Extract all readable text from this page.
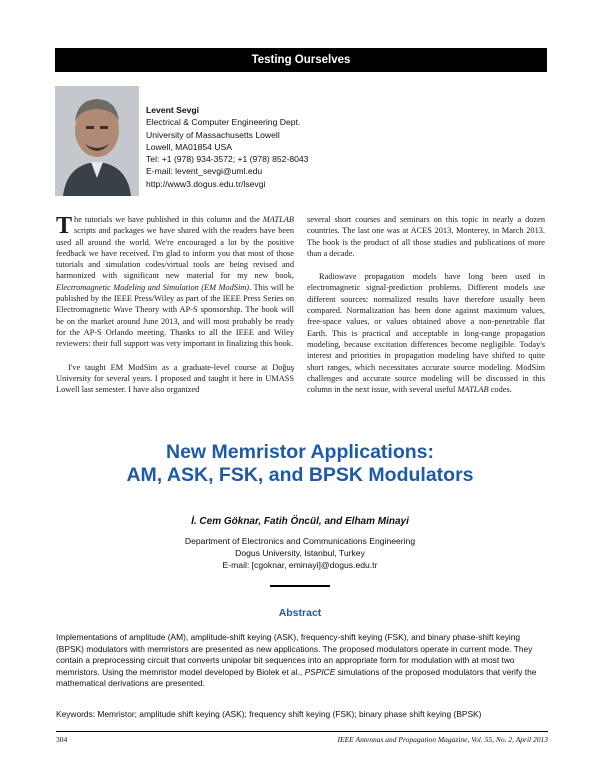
Testing Ourselves
Levent Sevgi
Electrical & Computer Engineering Dept.
University of Massachusetts Lowell
Lowell, MA01854 USA
Tel: +1 (978) 934-3572; +1 (978) 852-8043
E-mail: levent_sevgi@uml.edu
http://www3.dogus.edu.tr/lsevgi

The tutorials we have published in this column and the MATLAB scripts and packages we have shared with the readers have been used all around the world. We're encouraged a lot by the positive feedback we have received. I'm glad to inform you that most of those tutorials and simulation codes/virtual tools are being revised and harmonized with significant new material for my new book, Electromagnetic Modeling and Simulation (EM ModSim). This will be published by the IEEE Press/Wiley as part of the IEEE Press Series on Electromagnetic Wave Theory with AP-S sponsorship. The book will be on the market around June 2013, and will most probably be ready for the AP-S Orlando meeting. Thanks to all the IEEE and Wiley reviewers: their full support was very important in finalizing this book.

I've taught EM ModSim as a graduate-level course at Doğuş University for several years. I proposed and taught it here in UMASS Lowell last semester. I have also organized

several short courses and seminars on this topic in nearly a dozen countries. The last one was at ACES 2013, Monterey, in March 2013. The book is the product of all those studies and publications of more than a decade.

Radiowave propagation models have long been used in electromagnetic signal-prediction problems. Different models use different sources: normalized results have therefore usually been compared. Normalization has been done against maximum values, free-space values, or values obtained above a non-penetrable flat Earth. This is practical and acceptable in long-range propagation modeling, because excitation differences become negligible. Today's interest and priorities in propagation modeling have shifted to quite short ranges, which necessitates accurate source modeling. ModSim challenges and accurate source modeling will be discussed in this column in the next issue, with several useful MATLAB codes.

New Memristor Applications:
AM, ASK, FSK, and BPSK Modulators
İ. Cem Göknar, Fatih Öncül, and Elham Minayi
Department of Electronics and Communications Engineering
Dogus University, Istanbul, Turkey
E-mail: [cgoknar, eminayi]@dogus.edu.tr
Abstract
Implementations of amplitude (AM), amplitude-shift keying (ASK), frequency-shift keying (FSK), and binary phase-shift keying (BPSK) modulators with memristors are presented as new applications. The proposed modulators operate in current mode. They contain a preprocessing circuit that converts unipolar bit sequences into an appropriate form for modulation with at most two memristors. Using the memristor model developed by Biolek et al., PSPICE simulations of the proposed modulators that verify the mathematical derivations are presented.
Keywords: Memristor; amplitude shift keying (ASK); frequency shift keying (FSK); binary phase shift keying (BPSK)
304	IEEE Antennas and Propagation Magazine, Vol. 55, No. 2, April 2013
